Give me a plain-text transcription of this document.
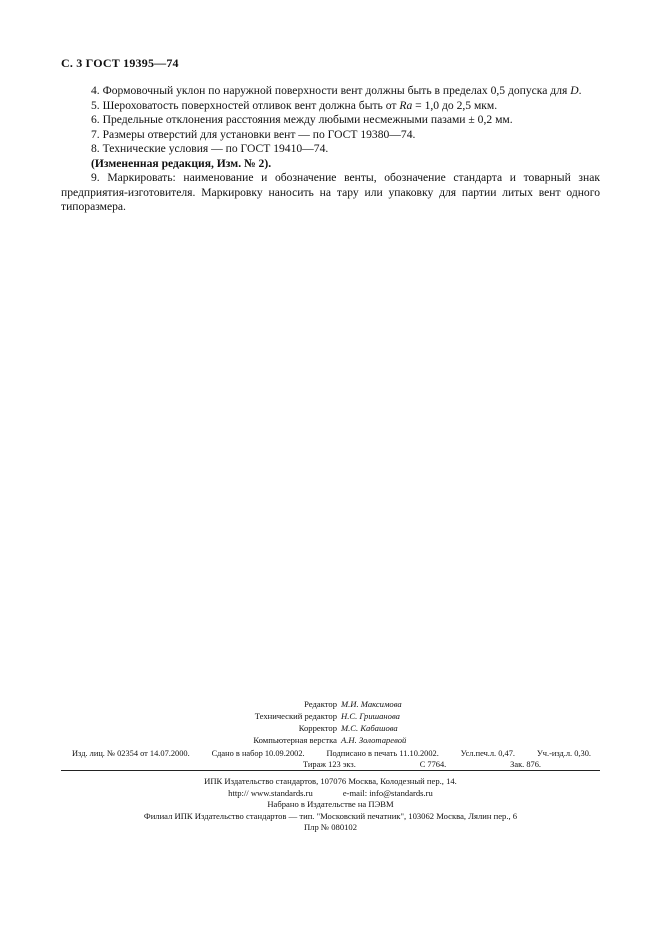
С. 3 ГОСТ 19395—74

4. Формовочный уклон по наружной поверхности вент должны быть в пределах 0,5 допуска для D.

5. Шероховатость поверхностей отливок вент должна быть от Ra = 1,0 до 2,5 мкм.

6. Предельные отклонения расстояния между любыми несмежными пазами ± 0,2 мм.

7. Размеры отверстий для установки вент — по ГОСТ 19380—74.

8. Технические условия — по ГОСТ 19410—74.

(Измененная редакция, Изм. № 2).

9. Маркировать: наименование и обозначение венты, обозначение стандарта и товарный знак предприятия-изготовителя. Маркировку наносить на тару или упаковку для партии литых вент одного типоразмера.

Редактор М.И. Максимова
Технический редактор Н.С. Гришанова
Корректор М.С. Кабашова
Компьютерная верстка А.Н. Золотаревой
Изд. лиц. № 02354 от 14.07.2000.	Сдано в набор 10.09.2002.	Подписано в печать 11.10.2002.	Усл.печ.л. 0,47.	Уч.-изд.л. 0,30.
Тираж 123 экз.	С 7764.	Зак. 876.
ИПК Издательство стандартов, 107076 Москва, Колодезный пер., 14.
http:// www.standards.ru	e-mail: info@standards.ru
Набрано в Издательстве на ПЭВМ
Филиал ИПК Издательство стандартов — тип. "Московский печатник", 103062 Москва, Лялин пер., 6
Плр № 080102
